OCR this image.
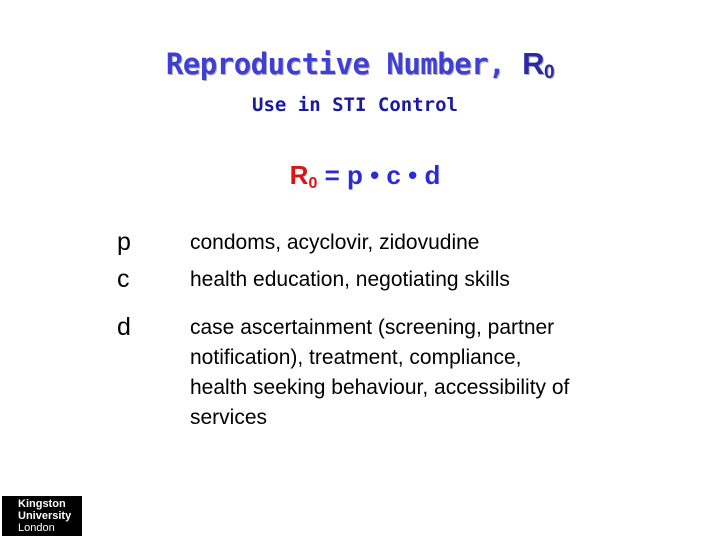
Reproductive Number, $R_0$
Use in STI Control
$R_0 = p$ • c • d
p	condoms, acyclovir, zidovudine
c	health education, negotiating skills
d	case ascertainment (screening, partner notification), treatment, compliance, health seeking behaviour, accessibility of services
Kingston
University
London
